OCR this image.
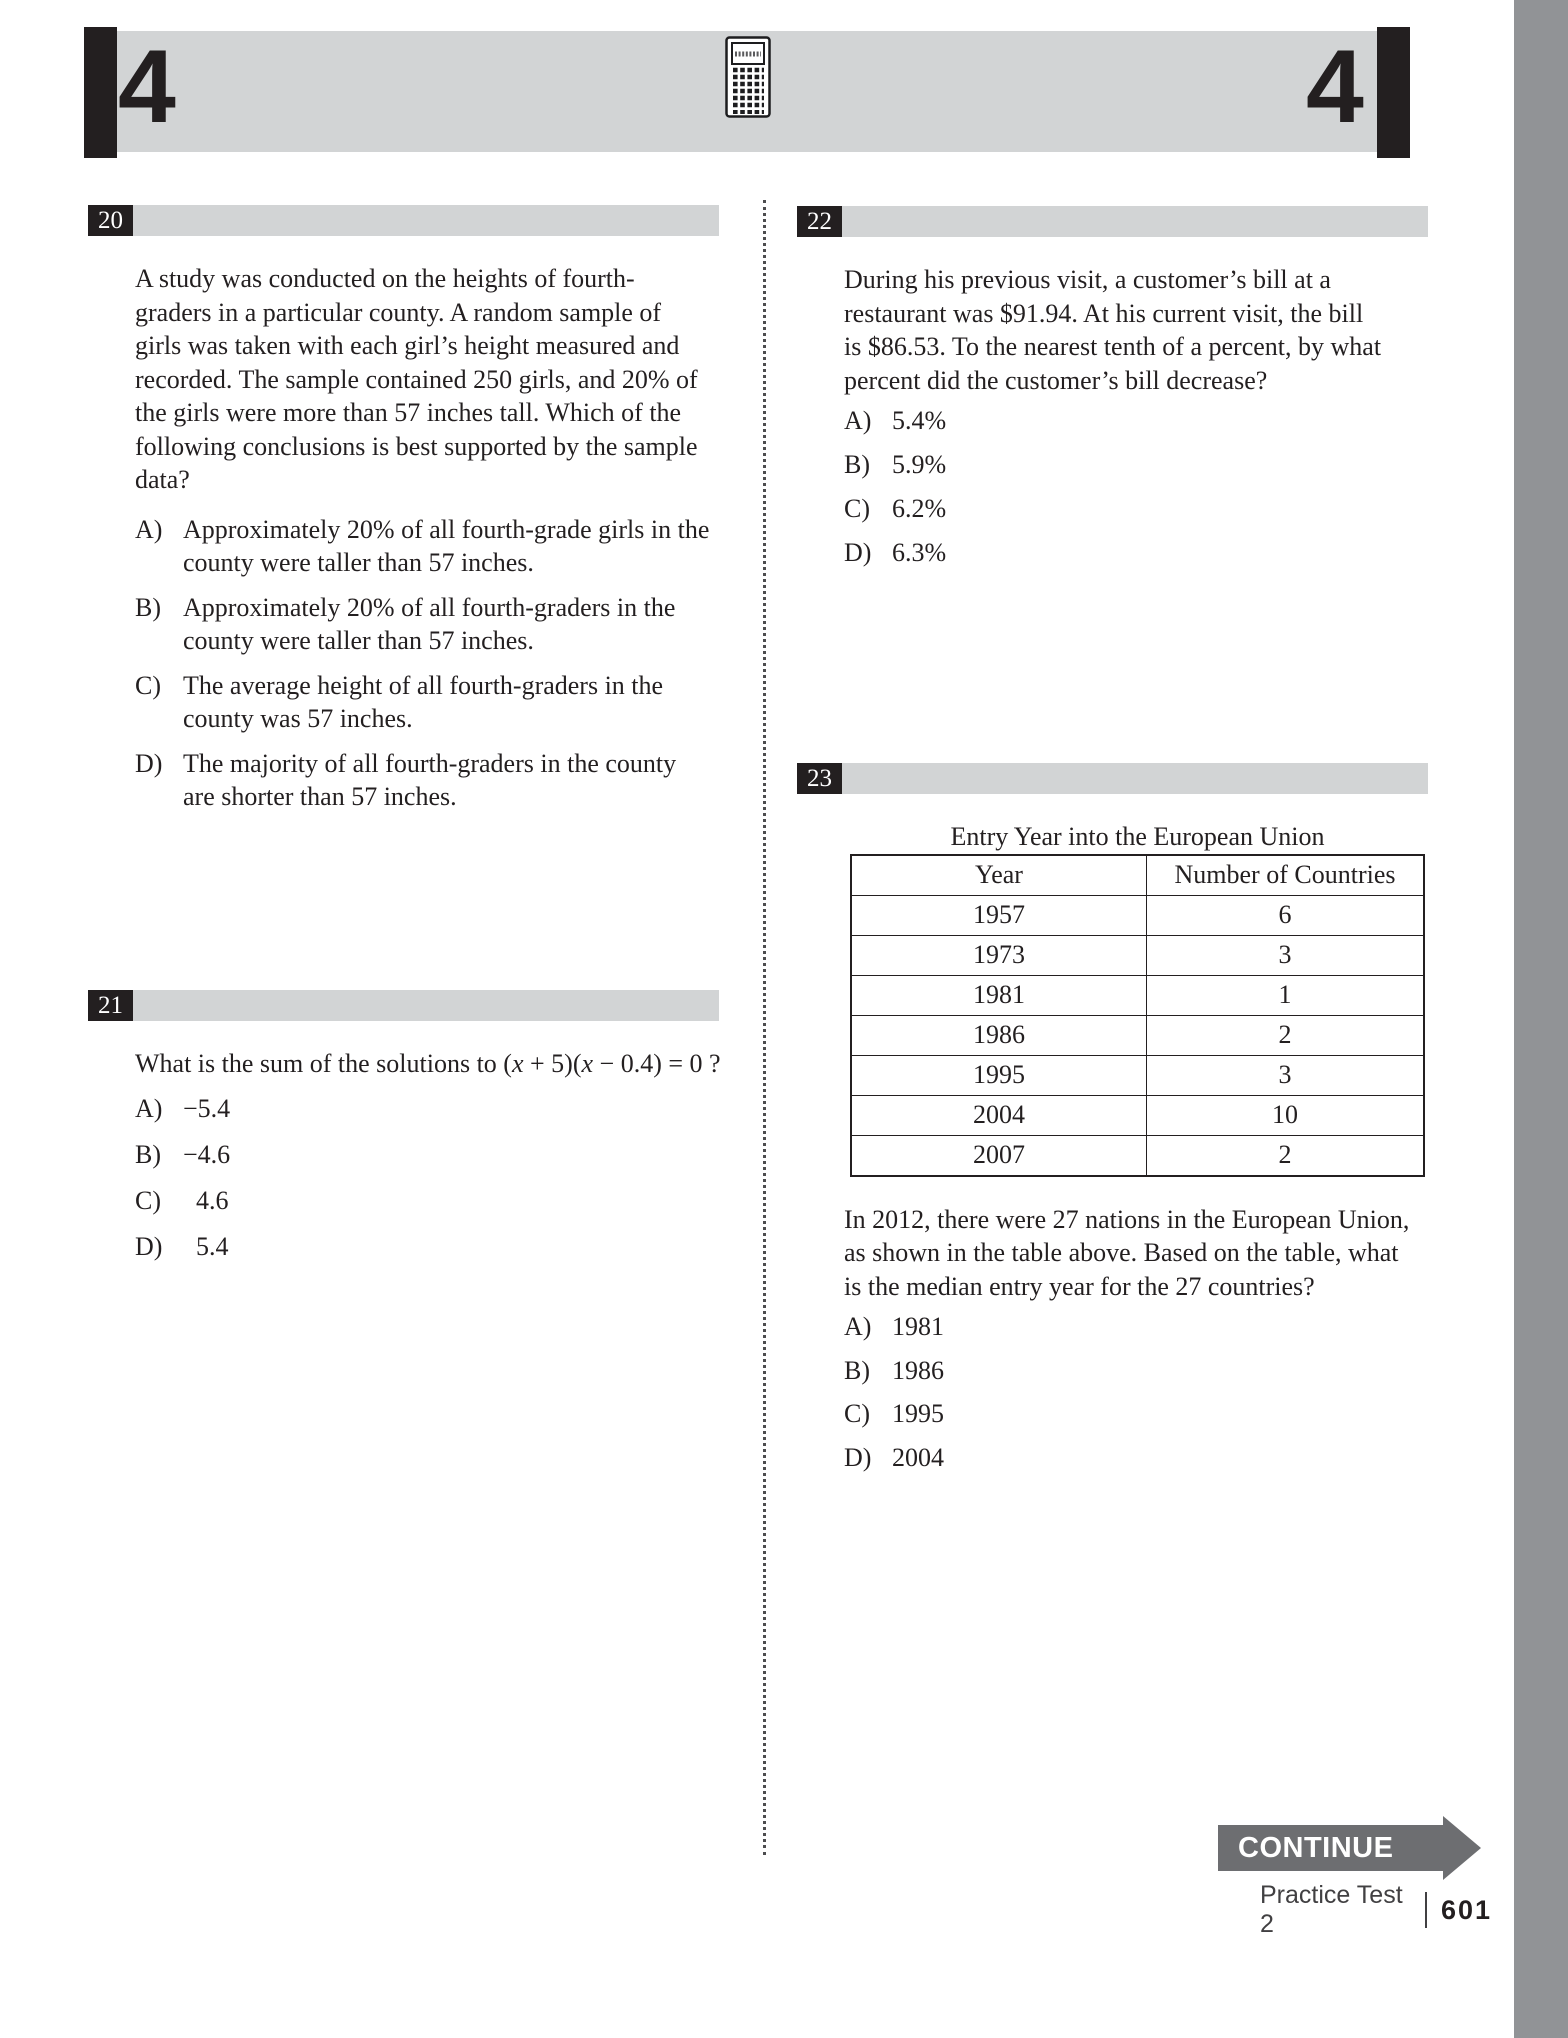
4	4
20
A study was conducted on the heights of fourth-
graders in a particular county. A random sample of
girls was taken with each girl’s height measured and
recorded. The sample contained 250 girls, and 20% of
the girls were more than 57 inches tall. Which of the
following conclusions is best supported by the sample
data?
A) Approximately 20% of all fourth-grade girls in the
county were taller than 57 inches.
B) Approximately 20% of all fourth-graders in the
county were taller than 57 inches.
C) The average height of all fourth-graders in the
county was 57 inches.
D) The majority of all fourth-graders in the county
are shorter than 57 inches.
21
What is the sum of the solutions to (x + 5)(x − 0.4) = 0 ?
A) −5.4
B) −4.6
C) 4.6
D) 5.4
22
During his previous visit, a customer’s bill at a
restaurant was $91.94. At his current visit, the bill
is $86.53. To the nearest tenth of a percent, by what
percent did the customer’s bill decrease?
A) 5.4%
B) 5.9%
C) 6.2%
D) 6.3%
23
Entry Year into the European Union
Year	Number of Countries
1957	6
1973	3
1981	1
1986	2
1995	3
2004	10
2007	2
In 2012, there were 27 nations in the European Union,
as shown in the table above. Based on the table, what
is the median entry year for the 27 countries?
A) 1981
B) 1986
C) 1995
D) 2004
CONTINUE
Practice Test 2	601
